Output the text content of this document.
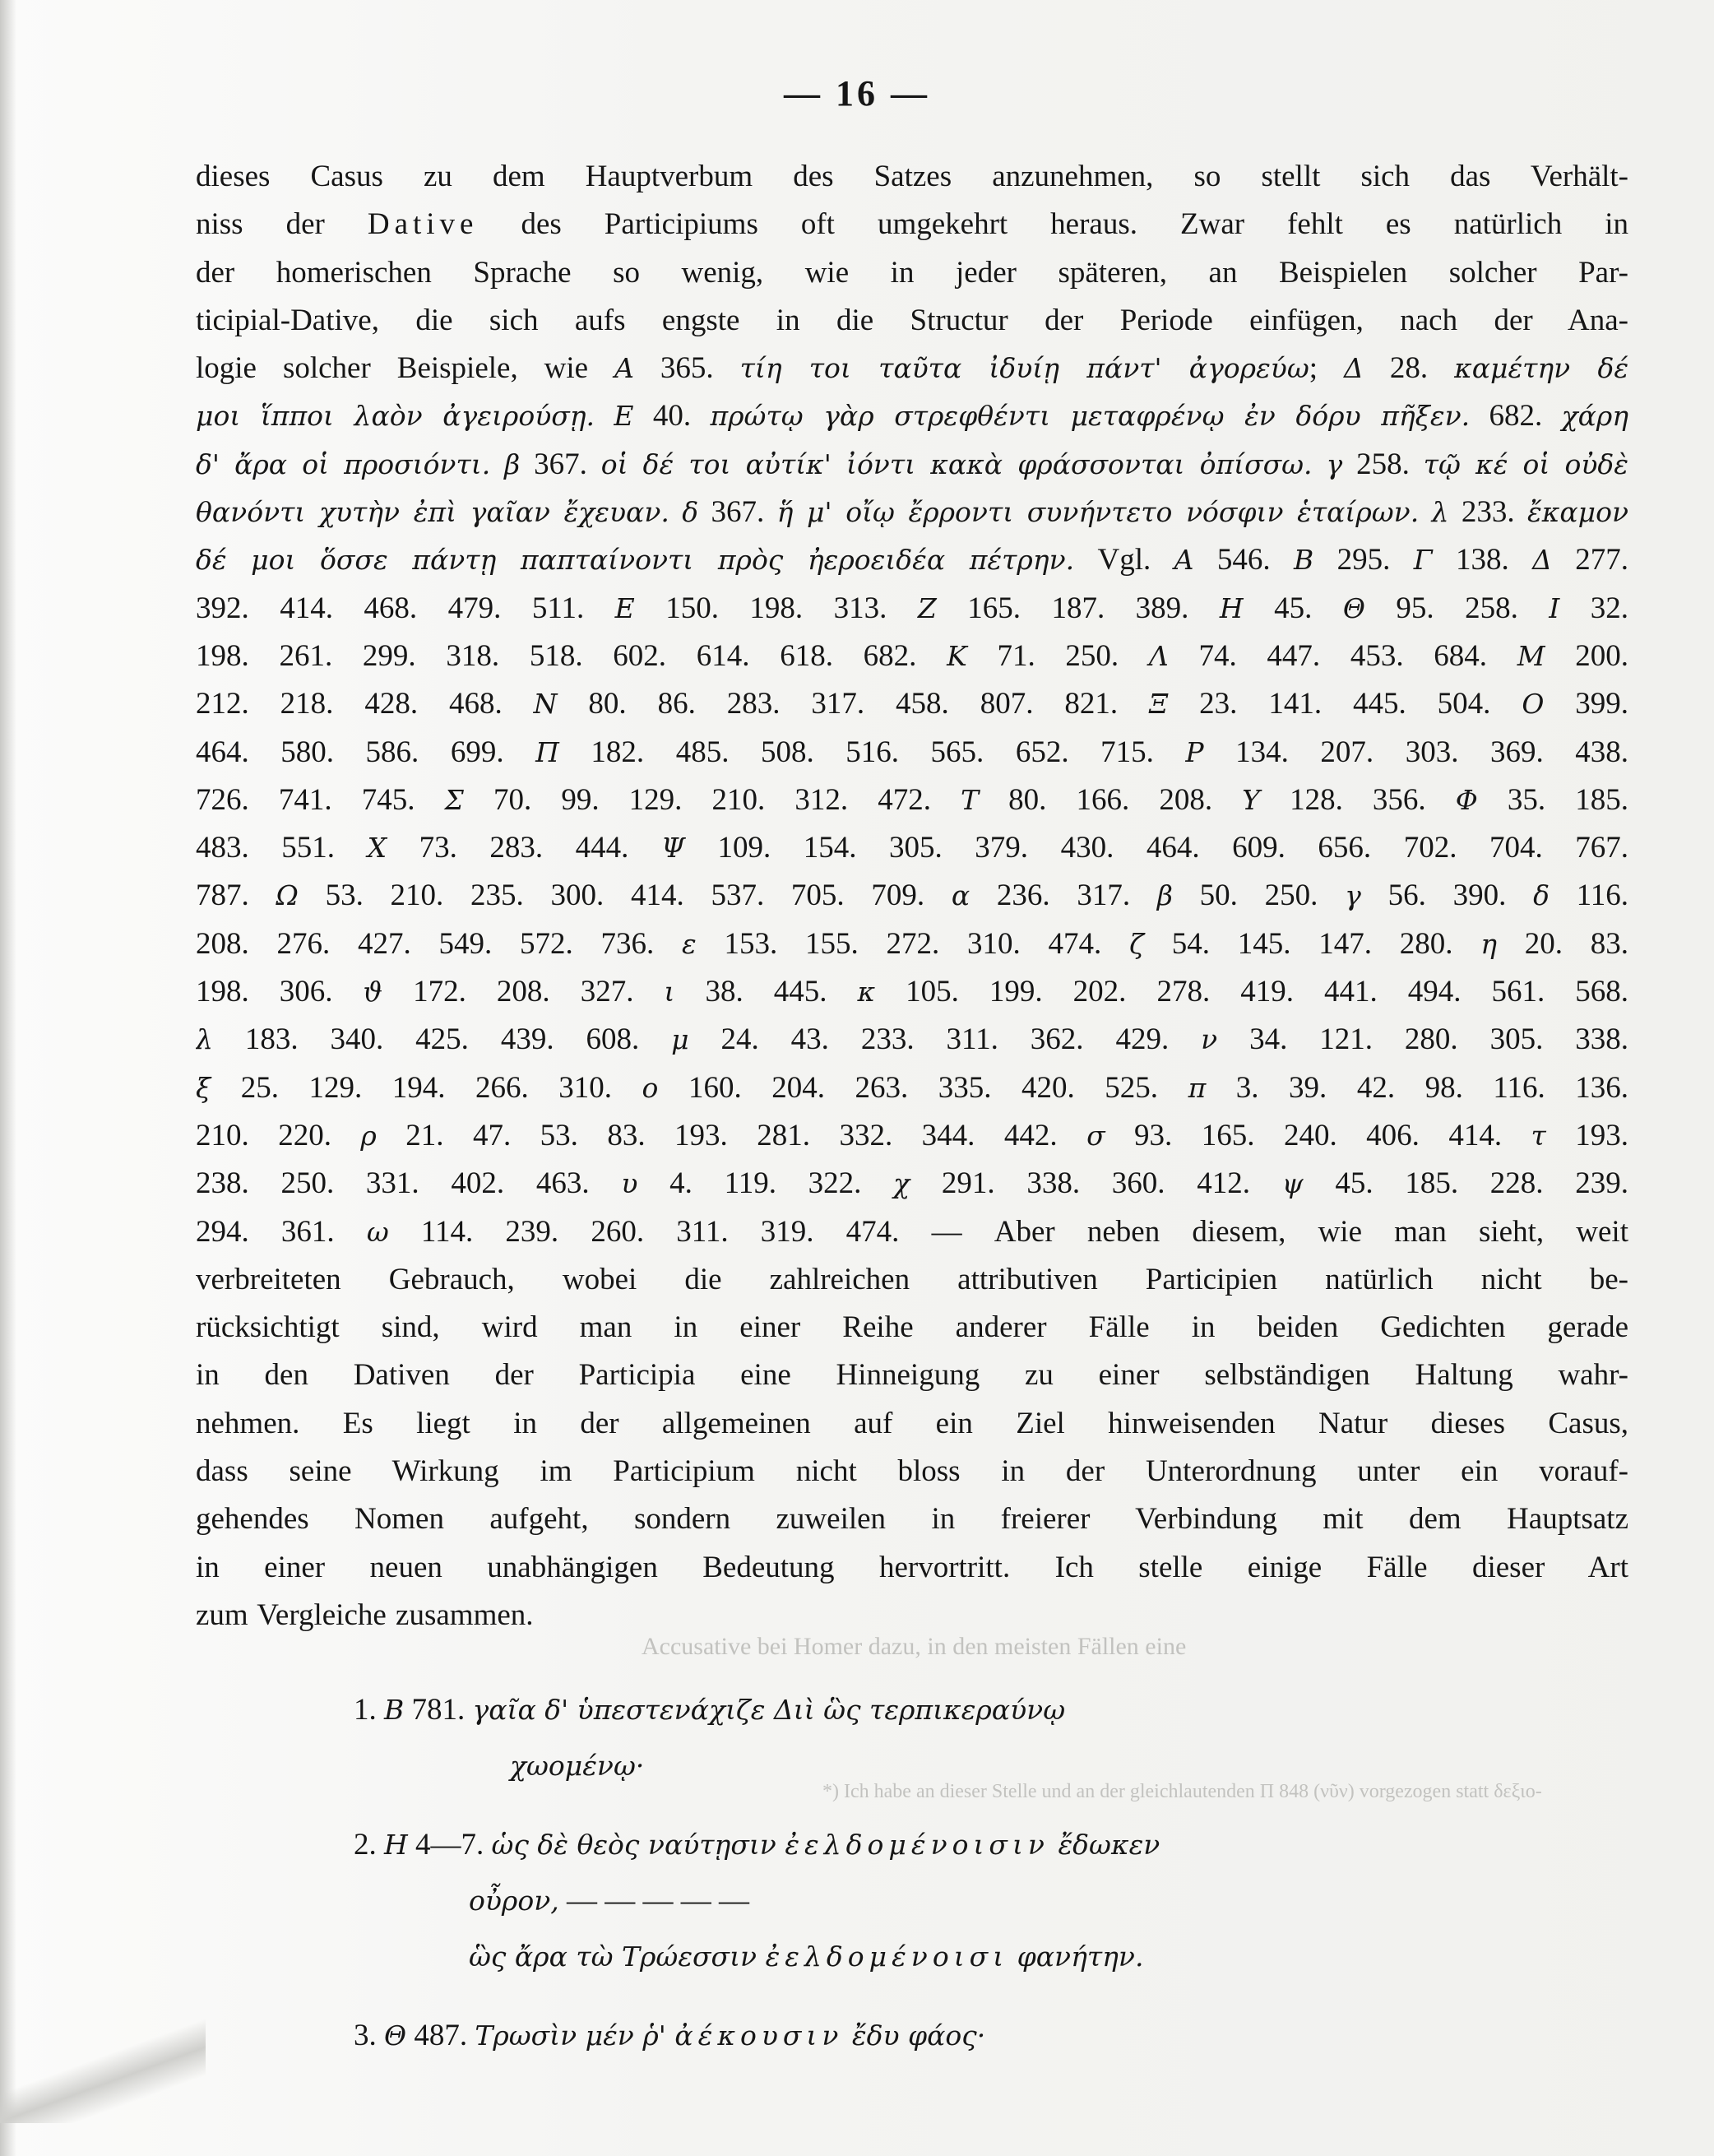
Accusative bei Homer dazu, in den meisten Fällen eine
*) Ich habe an dieser Stelle und an der gleichlautenden Π 848 (νῦν) vorgezogen statt δεξιο-
— 16 —
dieses Casus zu dem Hauptverbum des Satzes anzunehmen, so stellt sich das Verhält-
niss der Dative des Participiums oft umgekehrt heraus. Zwar fehlt es natürlich in
der homerischen Sprache so wenig, wie in jeder späteren, an Beispielen solcher Par-
ticipial-Dative, die sich aufs engste in die Structur der Periode einfügen, nach der Ana-
logie solcher Beispiele, wie Α 365. τίη τοι ταῦτα ἰδυίῃ πάντ' ἀγορεύω; Δ 28. καμέτην δέ
μοι ἵπποι λαὸν ἀγειρούσῃ. Ε 40. πρώτῳ γὰρ στρεφθέντι μεταφρένῳ ἐν δόρυ πῆξεν. 682. χάρη
δ' ἄρα οἱ προσιόντι. β 367. οἱ δέ τοι αὐτίκ' ἰόντι κακὰ φράσσονται ὀπίσσω. γ 258. τῷ κέ οἱ οὐδὲ
θανόντι χυτὴν ἐπὶ γαῖαν ἔχευαν. δ 367. ἥ μ' οἴῳ ἔρροντι συνήντετο νόσφιν ἑταίρων. λ 233. ἔκαμον
δέ μοι ὅσσε πάντῃ παπταίνοντι πρὸς ἠεροειδέα πέτρην. Vgl. Α 546. Β 295. Γ 138. Δ 277.
392. 414. 468. 479. 511. Ε 150. 198. 313. Ζ 165. 187. 389. Η 45. Θ 95. 258. Ι 32.
198. 261. 299. 318. 518. 602. 614. 618. 682. Κ 71. 250. Λ 74. 447. 453. 684. Μ 200.
212. 218. 428. 468. Ν 80. 86. 283. 317. 458. 807. 821. Ξ 23. 141. 445. 504. Ο 399.
464. 580. 586. 699. Π 182. 485. 508. 516. 565. 652. 715. Ρ 134. 207. 303. 369. 438.
726. 741. 745. Σ 70. 99. 129. 210. 312. 472. Τ 80. 166. 208. Υ 128. 356. Φ 35. 185.
483. 551. Χ 73. 283. 444. Ψ 109. 154. 305. 379. 430. 464. 609. 656. 702. 704. 767.
787. Ω 53. 210. 235. 300. 414. 537. 705. 709. α 236. 317. β 50. 250. γ 56. 390. δ 116.
208. 276. 427. 549. 572. 736. ε 153. 155. 272. 310. 474. ζ 54. 145. 147. 280. η 20. 83.
198. 306. ϑ 172. 208. 327. ι 38. 445. κ 105. 199. 202. 278. 419. 441. 494. 561. 568.
λ 183. 340. 425. 439. 608. μ 24. 43. 233. 311. 362. 429. ν 34. 121. 280. 305. 338.
ξ 25. 129. 194. 266. 310. ο 160. 204. 263. 335. 420. 525. π 3. 39. 42. 98. 116. 136.
210. 220. ρ 21. 47. 53. 83. 193. 281. 332. 344. 442. σ 93. 165. 240. 406. 414. τ 193.
238. 250. 331. 402. 463. υ 4. 119. 322. χ 291. 338. 360. 412. ψ 45. 185. 228. 239.
294. 361. ω 114. 239. 260. 311. 319. 474. — Aber neben diesem, wie man sieht, weit
verbreiteten Gebrauch, wobei die zahlreichen attributiven Participien natürlich nicht be-
rücksichtigt sind, wird man in einer Reihe anderer Fälle in beiden Gedichten gerade
in den Dativen der Participia eine Hinneigung zu einer selbständigen Haltung wahr-
nehmen. Es liegt in der allgemeinen auf ein Ziel hinweisenden Natur dieses Casus,
dass seine Wirkung im Participium nicht bloss in der Unterordnung unter ein vorauf-
gehendes Nomen aufgeht, sondern zuweilen in freierer Verbindung mit dem Hauptsatz
in einer neuen unabhängigen Bedeutung hervortritt. Ich stelle einige Fälle dieser Art
zum Vergleiche zusammen.
1. Β 781. γαῖα δ' ὑπεστενάχιζε Διὶ ὣς τερπικεραύνῳ
χωομένῳ·
2. Η 4—7. ὡς δὲ θεὸς ναύτῃσιν ἐελδομένοισιν ἔδωκεν
οὖρον, — — — — —
ὣς ἄρα τὼ Τρώεσσιν ἐελδομένοισι φανήτην.
3. Θ 487. Τρωσὶν μέν ῥ' ἀέκουσιν ἔδυ φάος·
